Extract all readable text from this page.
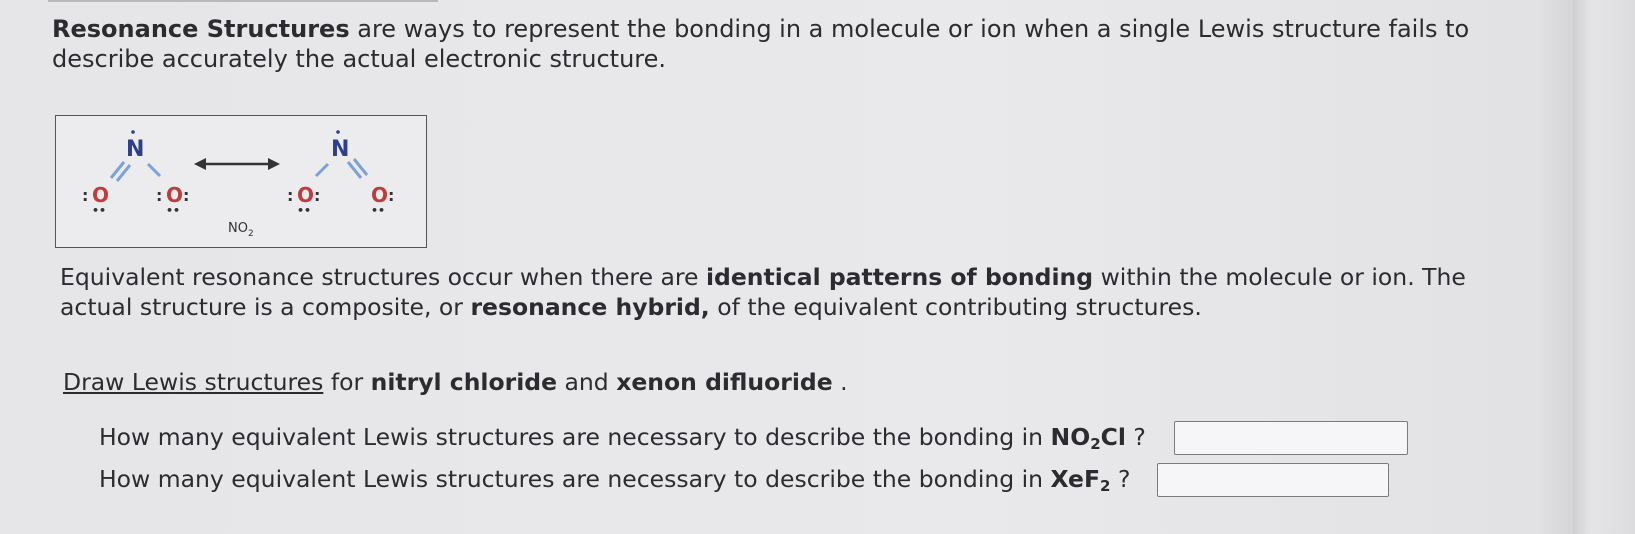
Resonance Structures are ways to represent the bonding in a molecule or ion when a single Lewis structure fails to describe accurately the actual electronic structure.
N
O
:
••
O
: :
••
N
O
: :
••
O :
••
$NO_2$
Equivalent resonance structures occur when there are identical patterns of bonding within the molecule or ion. The actual structure is a composite, or resonance hybrid, of the equivalent contributing structures.
Draw Lewis structures for nitryl chloride and xenon difluoride .
How many equivalent Lewis structures are necessary to describe the bonding in $NO_2Cl$ ?
How many equivalent Lewis structures are necessary to describe the bonding in XeF$_2$ ?
